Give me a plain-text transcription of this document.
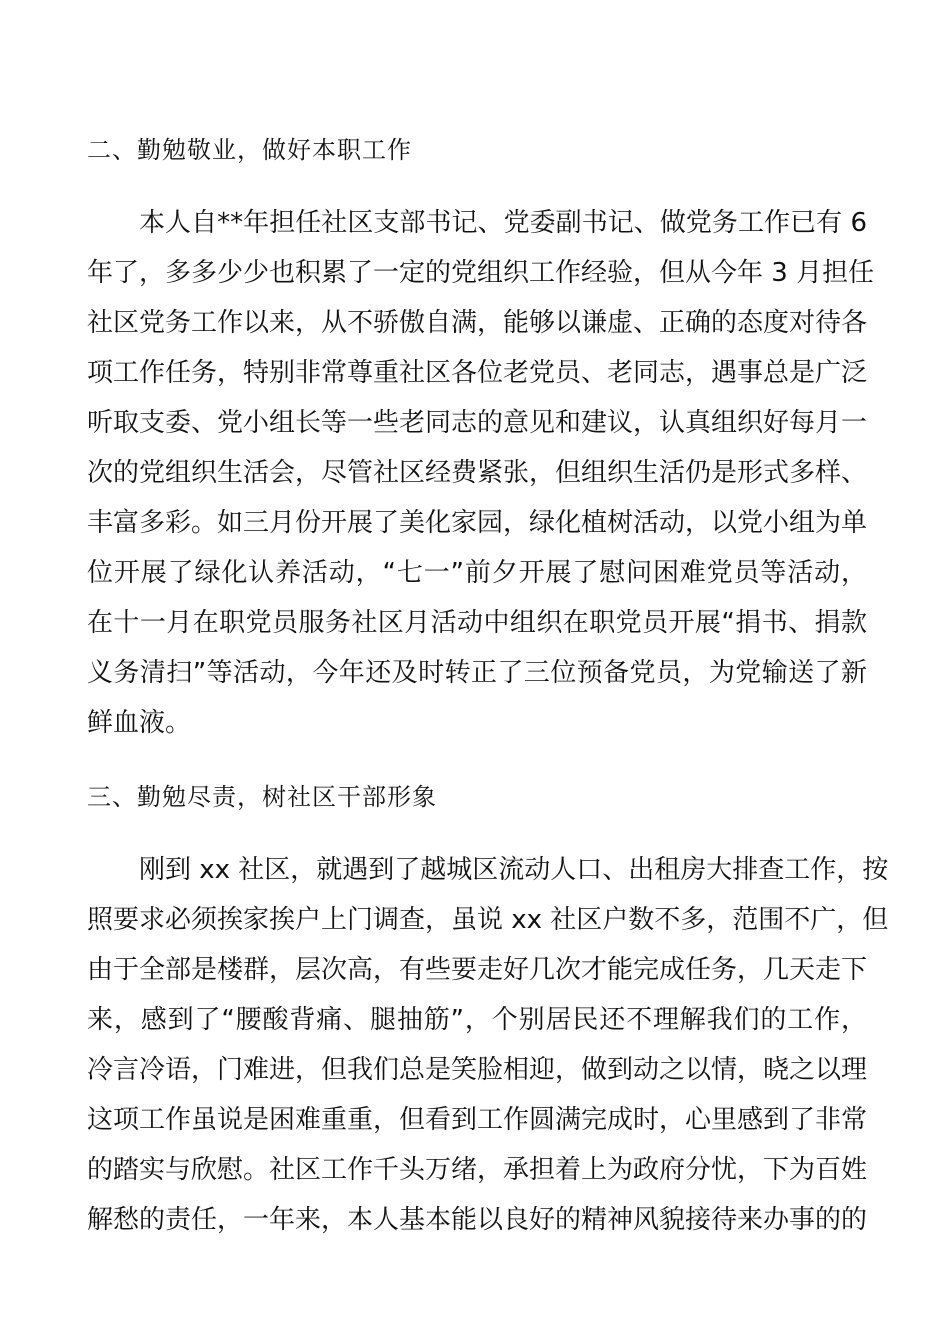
二、勤勉敬业，做好本职工作
本人自**年担任社区支部书记、党委副书记、做党务工作已有 6
年了，多多少少也积累了一定的党组织工作经验，但从今年 3 月担任
社区党务工作以来，从不骄傲自满，能够以谦虚、正确的态度对待各
项工作任务，特别非常尊重社区各位老党员、老同志，遇事总是广泛
听取支委、党小组长等一些老同志的意见和建议，认真组织好每月一
次的党组织生活会，尽管社区经费紧张，但组织生活仍是形式多样、
丰富多彩。如三月份开展了美化家园，绿化植树活动，以党小组为单
位开展了绿化认养活动，“七一”前夕开展了慰问困难党员等活动，
在十一月在职党员服务社区月活动中组织在职党员开展“捐书、捐款
义务清扫”等活动，今年还及时转正了三位预备党员，为党输送了新
鲜血液。
三、勤勉尽责，树社区干部形象
刚到 xx 社区，就遇到了越城区流动人口、出租房大排查工作，按
照要求必须挨家挨户上门调查，虽说 xx 社区户数不多，范围不广，但
由于全部是楼群，层次高，有些要走好几次才能完成任务，几天走下
来，感到了“腰酸背痛、腿抽筋”，个别居民还不理解我们的工作，
冷言冷语，门难进，但我们总是笑脸相迎，做到动之以情，晓之以理
这项工作虽说是困难重重，但看到工作圆满完成时，心里感到了非常
的踏实与欣慰。社区工作千头万绪，承担着上为政府分忧，下为百姓
解愁的责任，一年来，本人基本能以良好的精神风貌接待来办事的的
